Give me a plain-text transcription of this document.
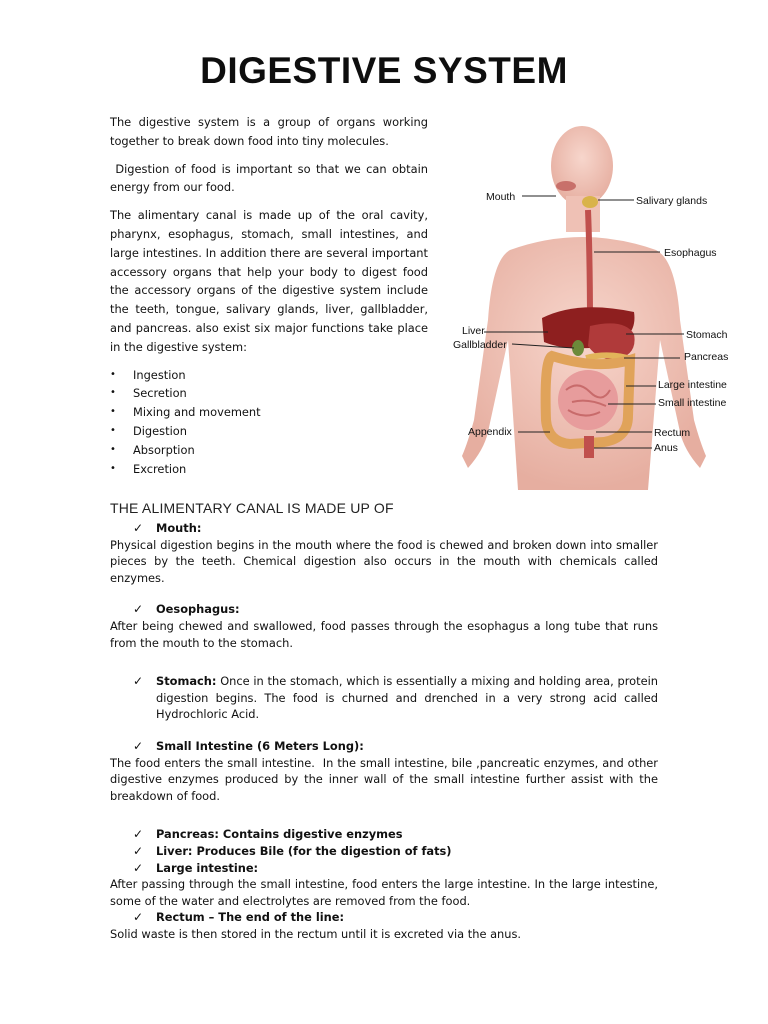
DIGESTIVE SYSTEM

The digestive system is a group of organs working together to break down food into tiny molecules.

Digestion of food is important so that we can obtain energy from our food.

The alimentary canal is made up of the oral cavity, pharynx, esophagus, stomach, small intestines, and large intestines. In addition there are several important accessory organs that help your body to digest food the accessory organs of the digestive system include the teeth, tongue, salivary glands, liver, gallbladder, and pancreas. also exist six major functions take place in the digestive system:

• Ingestion
• Secretion
• Mixing and movement
• Digestion
• Absorption
• Excretion
Mouth	Salivary glands
Esophagus
Liver
Gallbladder
Stomach
Pancreas
Large intestine
Small intestine
Appendix	Rectum
Anus
THE ALIMENTARY CANAL IS MADE UP OF
✓ Mouth:

Physical digestion begins in the mouth where the food is chewed and broken down into smaller pieces by the teeth. Chemical digestion also occurs in the mouth with chemicals called enzymes.

✓ Oesophagus:

After being chewed and swallowed, food passes through the esophagus a long tube that runs from the mouth to the stomach.

✓ Stomach: Once in the stomach, which is essentially a mixing and holding area, protein digestion begins. The food is churned and drenched in a very strong acid called Hydrochloric Acid.
✓ Small Intestine (6 Meters Long):

The food enters the small intestine.  In the small intestine, bile ,pancreatic enzymes, and other digestive enzymes produced by the inner wall of the small intestine further assist with the breakdown of food.

✓ Pancreas: Contains digestive enzymes
✓ Liver: Produces Bile (for the digestion of fats)
✓ Large intestine:

After passing through the small intestine, food enters the large intestine. In the large intestine, some of the water and electrolytes are removed from the food.

✓ Rectum – The end of the line:

Solid waste is then stored in the rectum until it is excreted via the anus.
